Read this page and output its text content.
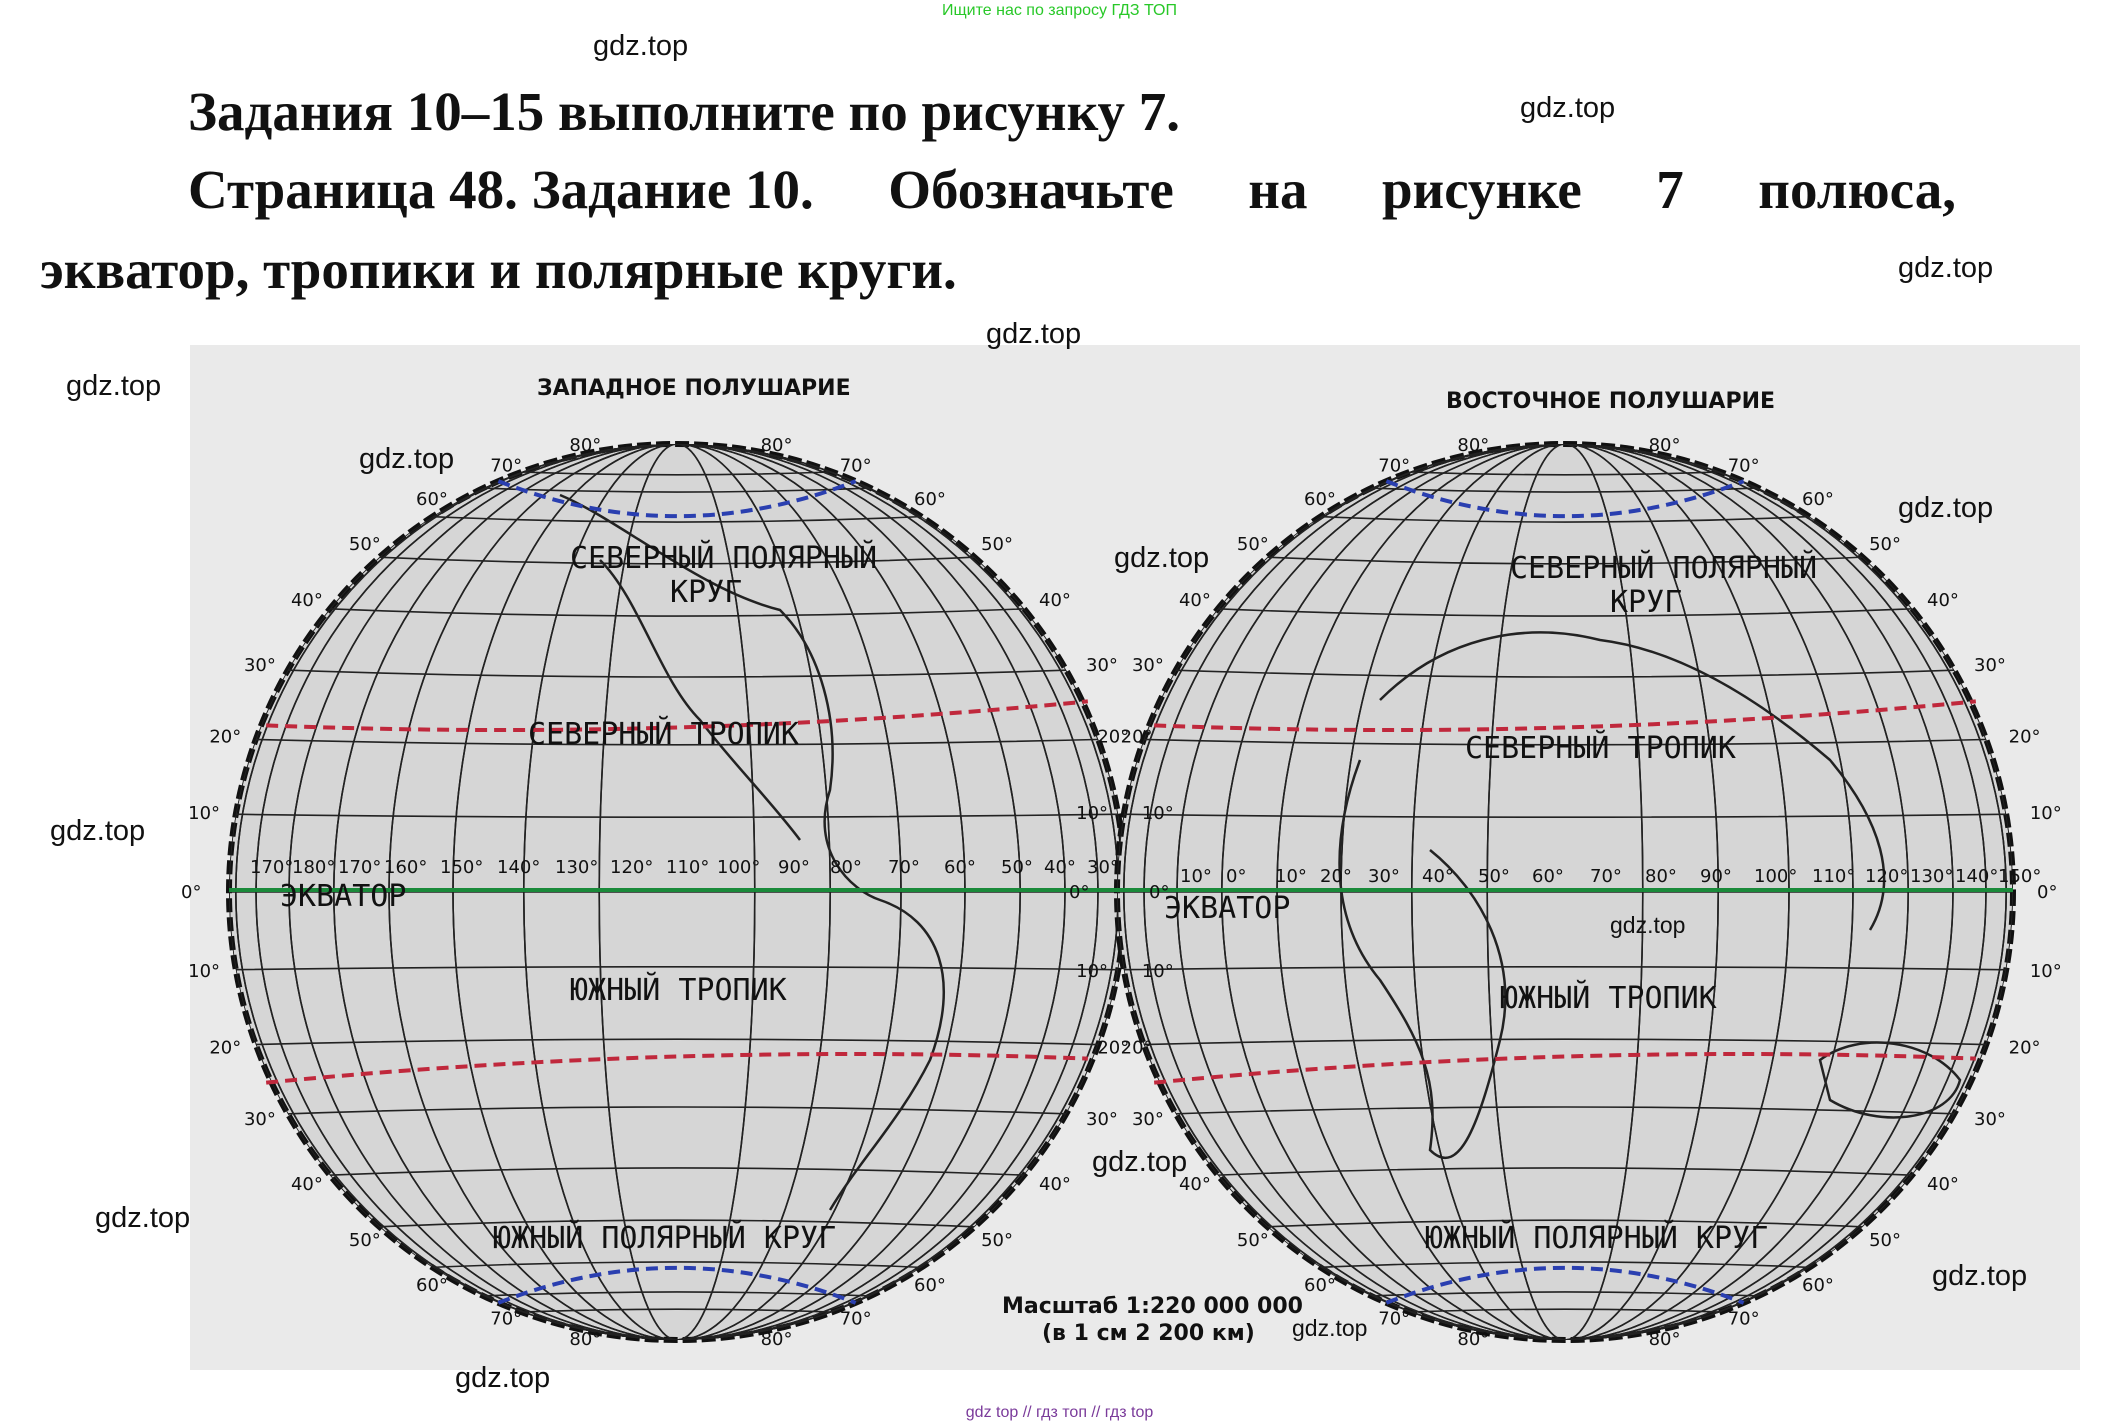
Ищите нас по запросу ГДЗ ТОП
Задания 10–15 выполните по рисунку 7.
Страница 48. Задание 10. Обозначьте на рисунке 7 полюса,
экватор, тропики и полярные круги.
ЗАПАДНОЕ ПОЛУШАРИЕ
ВОСТОЧНОЕ ПОЛУШАРИЕ
170°
180° 170° 160° 150° 140° 130° 120° 110° 100° 90° 80° 70° 60° 50° 40° 30°	10° 0° 10° 20° 30° 40° 50° 60° 70° 80° 90° 100° 110° 120° 130° 140° 150°
0°	0°
10°	10°
10°	10°
20°	20°
20°	20°
30°	30°
30°	30°
40°	40°
40°	40°
50°	50°
50°	50°
60°	60°
60°	60°
70°	70°
70°	70°
80°	80°
80°	80°
0°	0°
10°	10°
10°	10°
20°	20°
20°	20°
30°	30°
30°	30°
40°	40°
40°	40°
50°	50°
50°	50°
60°	60°
60°	60°
70°	70°
70°	70°
80°	80°
80°	80°
ЭКВАТОР	ЭКВАТОР
СЕВЕРНЫЙ ТРОПИК	СЕВЕРНЫЙ ТРОПИК
ЮЖНЫЙ ТРОПИК	ЮЖНЫЙ ТРОПИК
СЕВЕРНЫЙ ПОЛЯРНЫЙ
КРУГ
СЕВЕРНЫЙ ПОЛЯРНЫЙ
КРУГ
ЮЖНЫЙ ПОЛЯРНЫЙ КРУГ	ЮЖНЫЙ ПОЛЯРНЫЙ КРУГ
Масштаб 1:220 000 000
(в 1 см 2 200 км)
gdz.top
gdz.top
gdz.top
gdz.top
gdz.top
gdz.top
gdz.top
gdz.top
gdz.top
gdz.top
gdz.top
gdz.top
gdz.top
gdz.top
gdz.top
gdz top // гдз топ // гдз top
